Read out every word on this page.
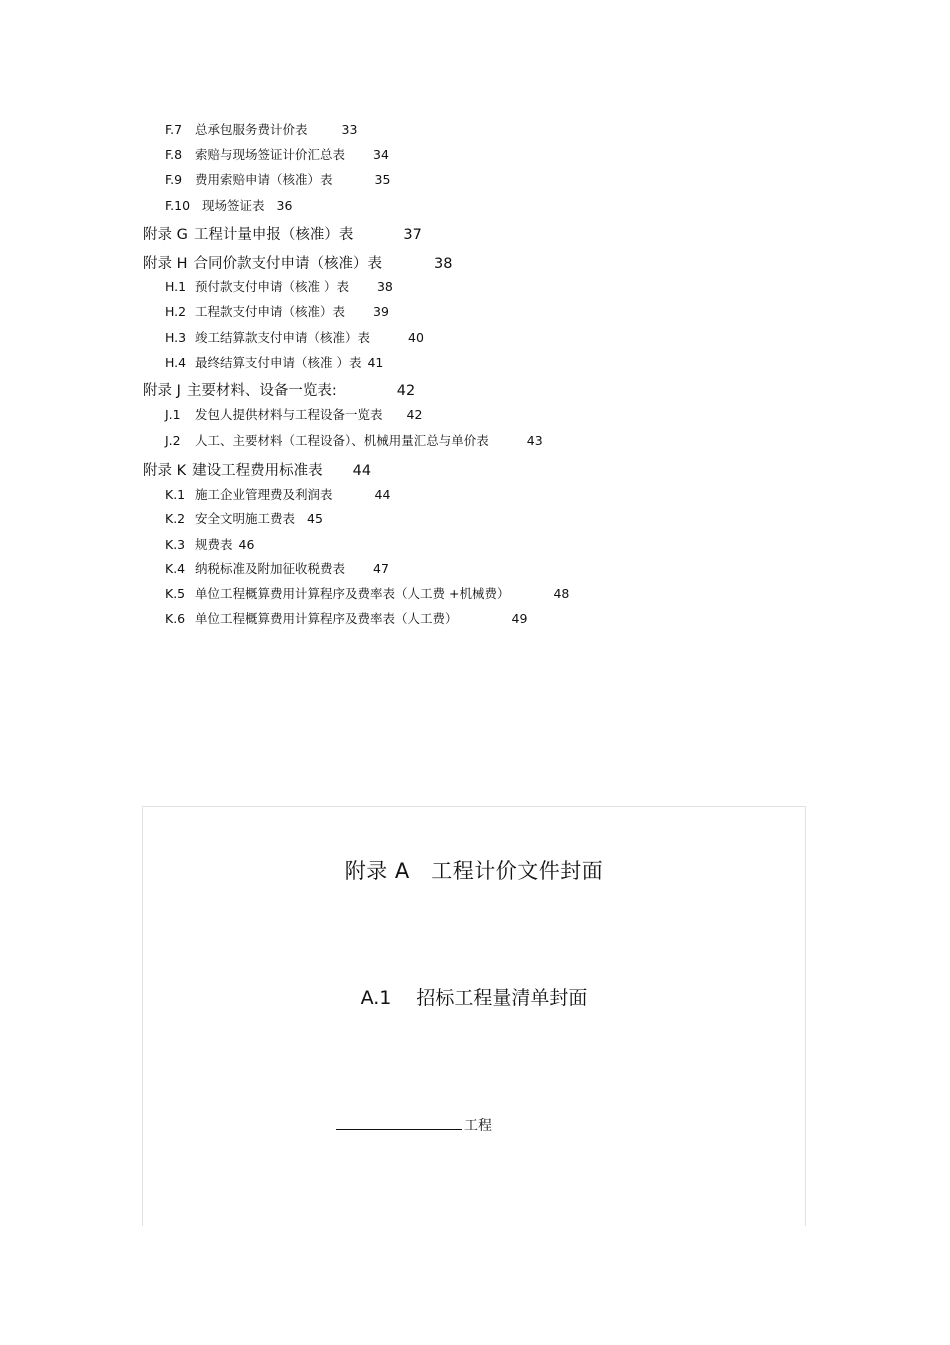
F.7 总承包服务费计价表	33
F.8 索赔与现场签证计价汇总表 34
F.9 费用索赔申请（核准）表	35
F.10 现场签证表 36
附录 G 工程计量申报（核准）表	37
附录 H 合同价款支付申请（核准）表	38
H.1 预付款支付申请（核准 ）表 38
H.2 工程款支付申请（核准）表 39
H.3 竣工结算款支付申请（核准）表	40
H.4 最终结算支付申请（核准 ）表 41
附录 J 主要材料、设备一览表:	42
J.1 发包人提供材料与工程设备一览表 42
J.2 人工、主要材料（工程设备）、机械用量汇总与单价表	43
附录 K 建设工程费用标准表 44
K.1 施工企业管理费及利润表	44
K.2 安全文明施工费表 45
K.3 规费表 46
K.4 纳税标准及附加征收税费表 47
K.5 单位工程概算费用计算程序及费率表（人工费 +机械费）	48
K.6 单位工程概算费用计算程序及费率表（人工费）	49
附录 A　工程计价文件封面
A.1　 招标工程量清单封面
工程
